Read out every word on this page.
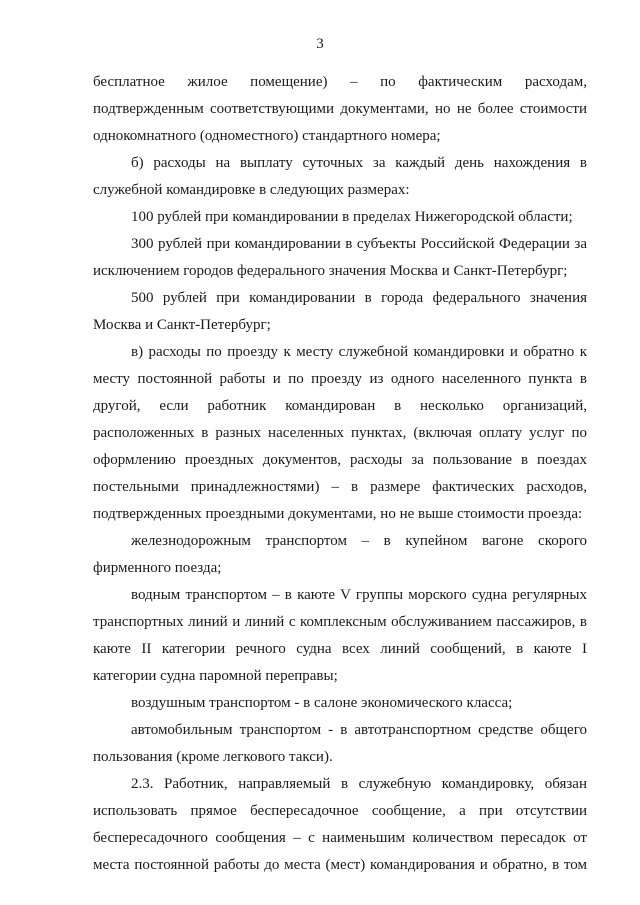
3

бесплатное жилое помещение) – по фактическим расходам, подтвержденным соответствующими документами, но не более стоимости однокомнатного (одноместного) стандартного номера;

б) расходы на выплату суточных за каждый день нахождения в служебной командировке в следующих размерах:

100 рублей при командировании в пределах Нижегородской области;

300 рублей при командировании в субъекты Российской Федерации за исключением городов федерального значения Москва и Санкт-Петербург;

500 рублей при командировании в города федерального значения Москва и Санкт-Петербург;

в) расходы по проезду к месту служебной командировки и обратно к месту постоянной работы и по проезду из одного населенного пункта в другой, если работник командирован в несколько организаций, расположенных в разных населенных пунктах, (включая оплату услуг по оформлению проездных документов, расходы за пользование в поездах постельными принадлежностями) – в размере фактических расходов, подтвержденных проездными документами, но не выше стоимости проезда:

железнодорожным транспортом – в купейном вагоне скорого фирменного поезда;

водным транспортом – в каюте V группы морского судна регулярных транспортных линий и линий с комплексным обслуживанием пассажиров, в каюте II категории речного судна всех линий сообщений, в каюте I категории судна паромной переправы;

воздушным транспортом - в салоне экономического класса;

автомобильным транспортом - в автотранспортном средстве общего пользования (кроме легкового такси).

2.3. Работник, направляемый в служебную командировку, обязан использовать прямое беспересадочное сообщение, а при отсутствии беспересадочного сообщения – с наименьшим количеством пересадок от места постоянной работы до места (мест) командирования и обратно, в том
